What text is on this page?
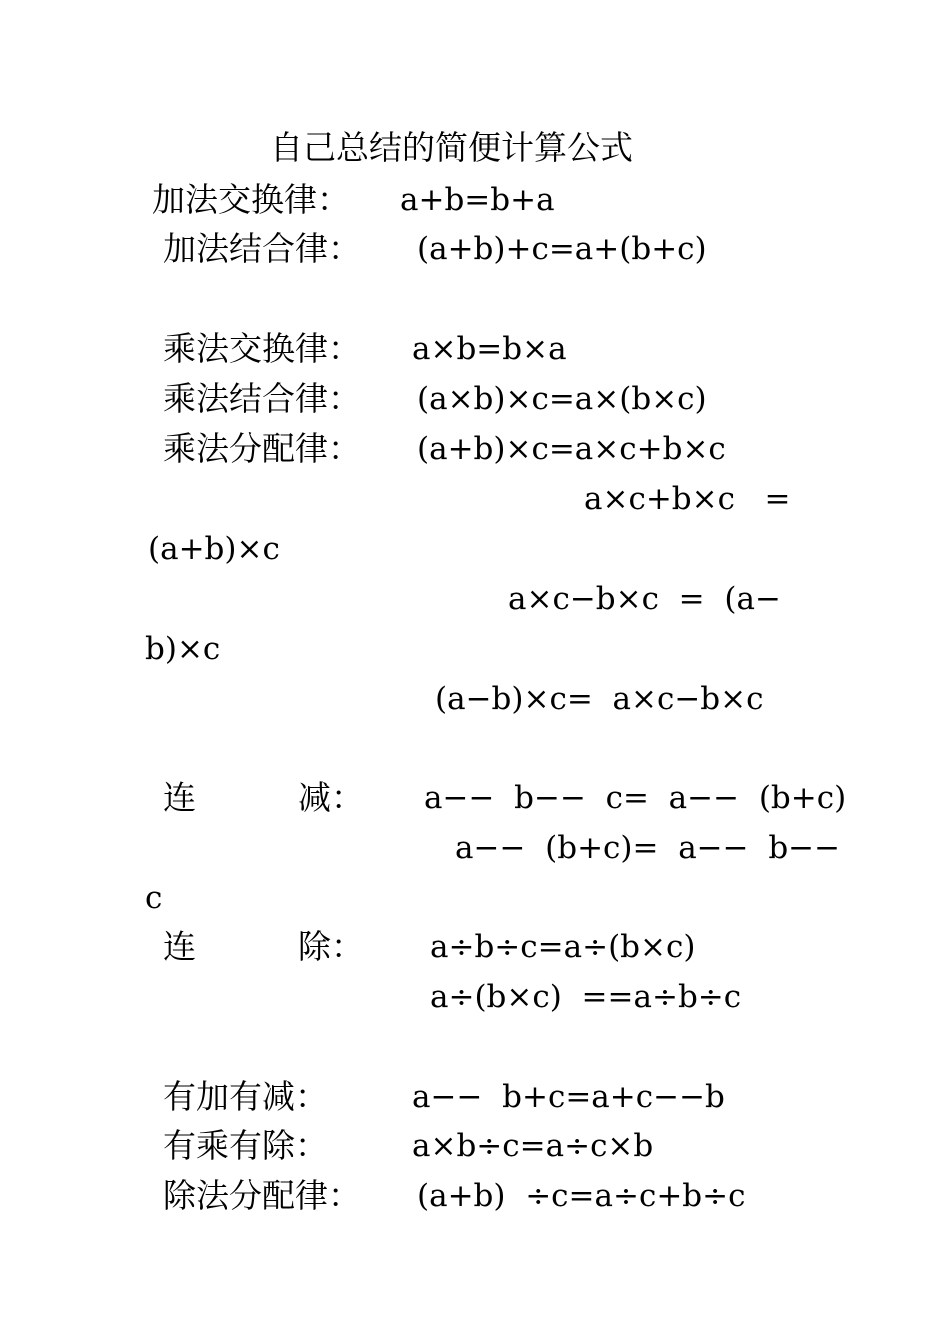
自己总结的简便计算公式
加法交换律： a+b=b+a
加法结合律： (a+b)+c=a+(b+c)
乘法交换律： a×b=b×a
乘法结合律： (a×b)×c=a×(b×c)
乘法分配律： (a+b)×c=a×c+b×c
a×c+b×c   =
(a+b)×c
a×c−b×c  =  (a−
b)×c
(a−b)×c=  a×c−b×c
连	减： a−−  b−−  c=  a−−  (b+c)
a−−  (b+c)=  a−−  b−−
c
连	除： a÷b÷c=a÷(b×c)
a÷(b×c)  ==a÷b÷c
有加有减：	a−−  b+c=a+c−−b
有乘有除：	a×b÷c=a÷c×b
除法分配律： (a+b)  ÷c=a÷c+b÷c
